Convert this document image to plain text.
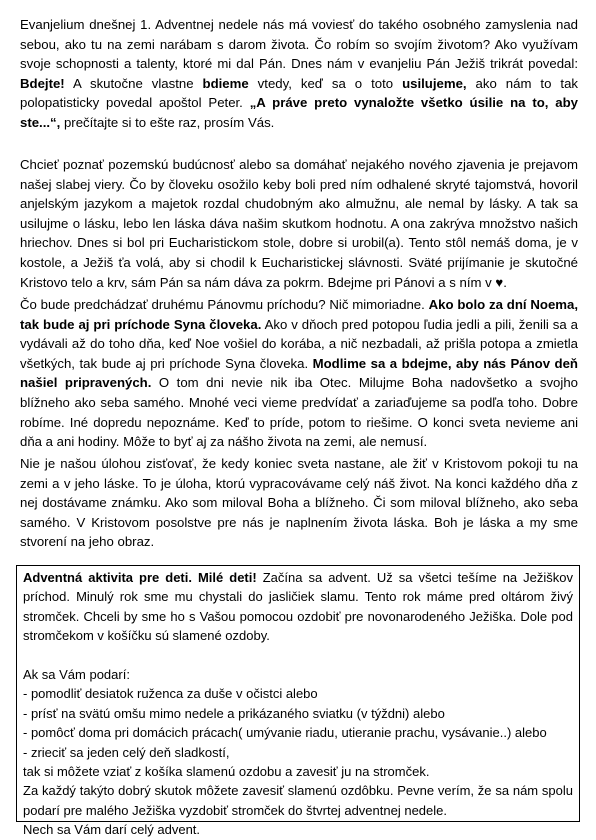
Evanjelium dnešnej 1. Adventnej nedele nás má voviesť do takého osobného zamyslenia nad sebou, ako tu na zemi narábam s darom života. Čo robím so svojím životom? Ako využívam svoje schopnosti a talenty, ktoré mi dal Pán. Dnes nám v evanjeliu Pán Ježiš trikrát povedal: Bdejte! A skutočne vlastne bdieme vtedy, keď sa o toto usilujeme, ako nám to tak polopatisticky povedal apoštol Peter. „A práve preto vynaložte všetko úsilie na to, aby ste...“, prečítajte si to ešte raz, prosím Vás.

Chcieť poznať pozemskú budúcnosť alebo sa domáhať nejakého nového zjavenia je prejavom našej slabej viery. Čo by človeku osožilo keby boli pred ním odhalené skryté tajomstvá, hovoril anjelským jazykom a majetok rozdal chudobným ako almužnu, ale nemal by lásky. A tak sa usilujme o lásku, lebo len láska dáva našim skutkom hodnotu. A ona zakrýva množstvo našich hriechov. Dnes si bol pri Eucharistickom stole, dobre si urobil(a). Tento stôl nemáš doma, je v kostole, a Ježiš ťa volá, aby si chodil k Eucharistickej slávnosti. Sväté prijímanie je skutočné Kristovo telo a krv, sám Pán sa nám dáva za pokrm. Bdejme pri Pánovi a s ním v ♥.

Čo bude predchádzať druhému Pánovmu príchodu? Nič mimoriadne. Ako bolo za dní Noema, tak bude aj pri príchode Syna človeka. Ako v dňoch pred potopou ľudia jedli a pili, ženili sa a vydávali až do toho dňa, keď Noe vošiel do korába, a nič nezbadali, až prišla potopa a zmietla všetkých, tak bude aj pri príchode Syna človeka. Modlime sa a bdejme, aby nás Pánov deň našiel pripravených. O tom dni nevie nik iba Otec. Milujme Boha nadovšetko a svojho blížneho ako seba samého. Mnohé veci vieme predvídať a zariaďujeme sa podľa toho. Dobre robíme. Iné dopredu nepoznáme. Keď to príde, potom to riešime. O konci sveta nevieme ani dňa a ani hodiny. Môže to byť aj za nášho života na zemi, ale nemusí.

Nie je našou úlohou zisťovať, že kedy koniec sveta nastane, ale žiť v Kristovom pokoji tu na zemi a v jeho láske. To je úloha, ktorú vypracovávame celý náš život. Na konci každého dňa z nej dostávame známku. Ako som miloval Boha a blížneho. Či som miloval blížneho, ako seba samého. V Kristovom posolstve pre nás je naplnením života láska. Boh je láska a my sme stvorení na jeho obraz.

Adventná aktivita pre deti. Milé deti! Začína sa advent. Už sa všetci tešíme na Ježiškov príchod. Minulý rok sme mu chystali do jasličiek slamu. Tento rok máme pred oltárom živý stromček. Chceli by sme ho s Vašou pomocou ozdobiť pre novonarodeného Ježiška. Dole pod stromčekom v košíčku sú slamené ozdoby.

Ak sa Vám podarí:

- pomodliť desiatok ruženca za duše v očistci alebo

- prísť na svätú omšu mimo nedele a prikázaného sviatku (v týždni) alebo

- pomôcť doma pri domácich prácach( umývanie riadu, utieranie prachu, vysávanie..) alebo

- zrieciť sa jeden celý deň sladkostí,

tak si môžete vziať z košíka slamenú ozdobu a zavesiť ju na stromček.

Za každý takýto dobrý skutok môžete zavesiť slamenú ozdôbku. Pevne verím, že sa nám spolu podarí pre malého Ježiška vyzdobiť stromček do štvrtej adventnej nedele.

Nech sa Vám darí celý advent.
